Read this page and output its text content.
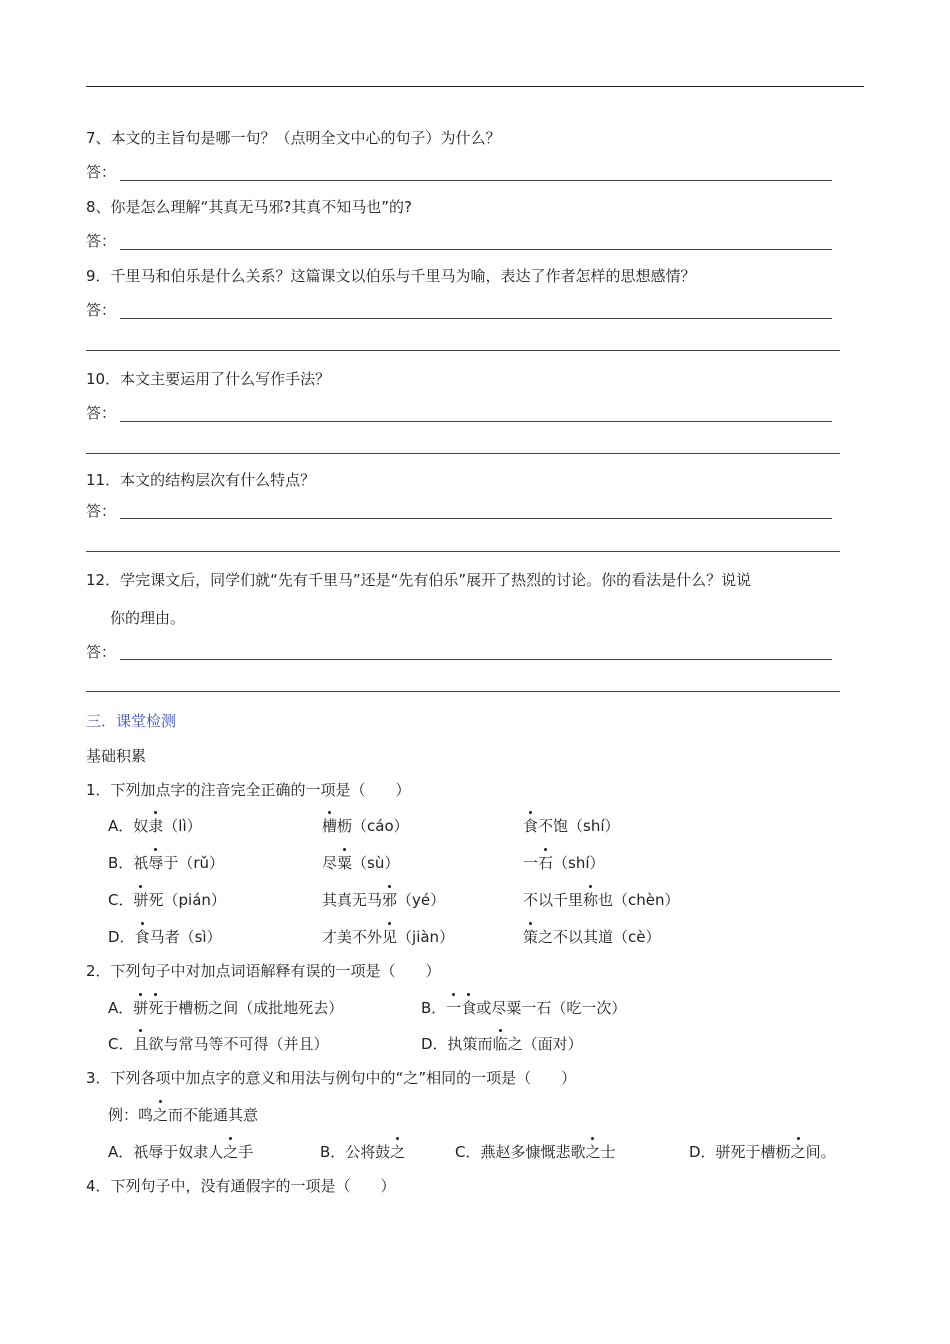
7、本文的主旨句是哪一句？（点明全文中心的句子）为什么？
答：
8、你是怎么理解“其真无马邪?其真不知马也”的?
答：
9．千里马和伯乐是什么关系？这篇课文以伯乐与千里马为喻，表达了作者怎样的思想感情？
答：
10．本文主要运用了什么写作手法？
答：
11．本文的结构层次有什么特点？
答：
12．学完课文后，同学们就“先有千里马”还是“先有伯乐”展开了热烈的讨论。你的看法是什么？说说
你的理由。
答：
三．课堂检测
基础积累
1．下列加点字的注音完全正确的一项是（　　）
A．奴隶（lì）	槽枥（cáo）	食不饱（shí）
B．祇辱于（rǔ）	尽粟（sù）	一石（shí）
C．骈死（pián）	其真无马邪（yé）	不以千里称也（chèn）
D．食马者（sì）	才美不外见（jiàn）	策之不以其道（cè）
2．下列句子中对加点词语解释有误的一项是（　　）
A．骈死于槽枥之间（成批地死去）	B．一食或尽粟一石（吃一次）
C．且欲与常马等不可得（并且）	D．执策而临之（面对）
3．下列各项中加点字的意义和用法与例句中的“之”相同的一项是（　　）
例：鸣之而不能通其意
A．祇辱于奴隶人之手	B．公将鼓之	C．燕赵多慷慨悲歌之士	D．骈死于槽枥之间。
4．下列句子中，没有通假字的一项是（　　）
